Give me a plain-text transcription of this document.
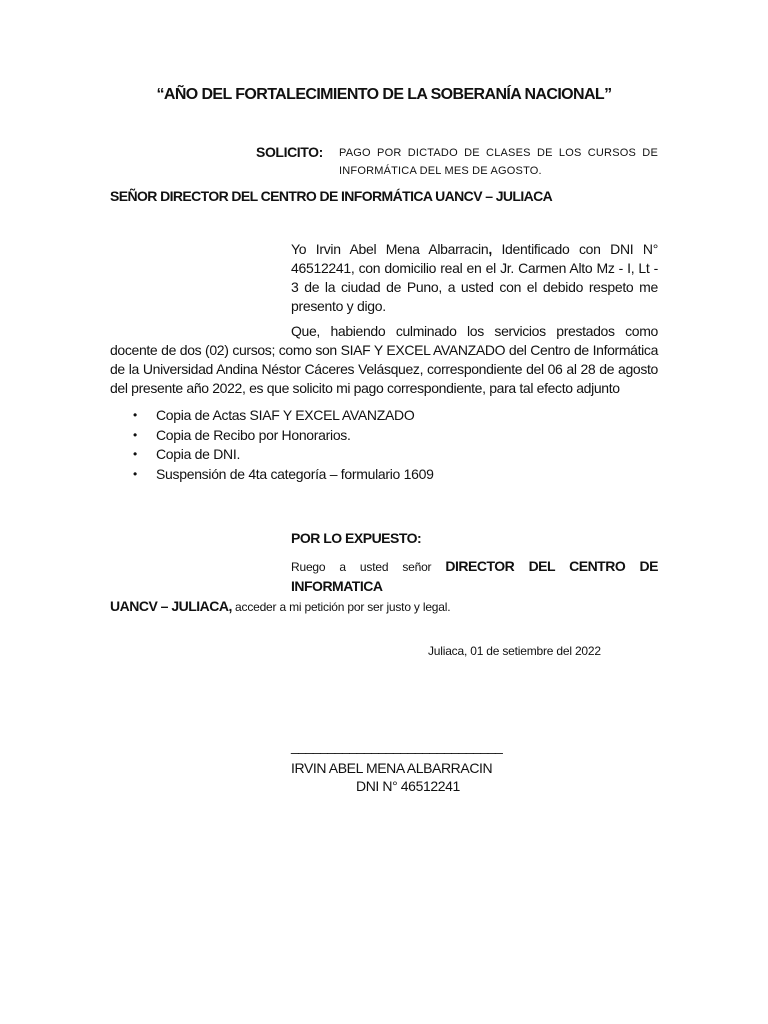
“AÑO DEL FORTALECIMIENTO DE LA SOBERANÍA NACIONAL”
SOLICITO: PAGO POR DICTADO DE CLASES DE LOS CURSOS DE INFORMÁTICA DEL MES DE AGOSTO.
SEÑOR DIRECTOR DEL CENTRO DE INFORMÁTICA UANCV – JULIACA
Yo Irvin Abel Mena Albarracin, Identificado con DNI N° 46512241, con domicilio real en el Jr. Carmen Alto Mz - I, Lt - 3 de la ciudad de Puno, a usted con el debido respeto me presento y digo.
Que, habiendo culminado los servicios prestados como docente de dos (02) cursos; como son SIAF Y EXCEL AVANZADO del Centro de Informática de la Universidad Andina Néstor Cáceres Velásquez, correspondiente del 06 al 28 de agosto del presente año 2022, es que solicito mi pago correspondiente, para tal efecto adjunto
• Copia de Actas SIAF Y EXCEL AVANZADO
• Copia de Recibo por Honorarios.
• Copia de DNI.
• Suspensión de 4ta categoría – formulario 1609
POR LO EXPUESTO:
Ruego a usted señor DIRECTOR DEL CENTRO DE INFORMATICA
UANCV – JULIACA, acceder a mi petición por ser justo y legal.
Juliaca, 01 de setiembre del 2022
_____________________________
IRVIN ABEL MENA ALBARRACIN
DNI N° 46512241
